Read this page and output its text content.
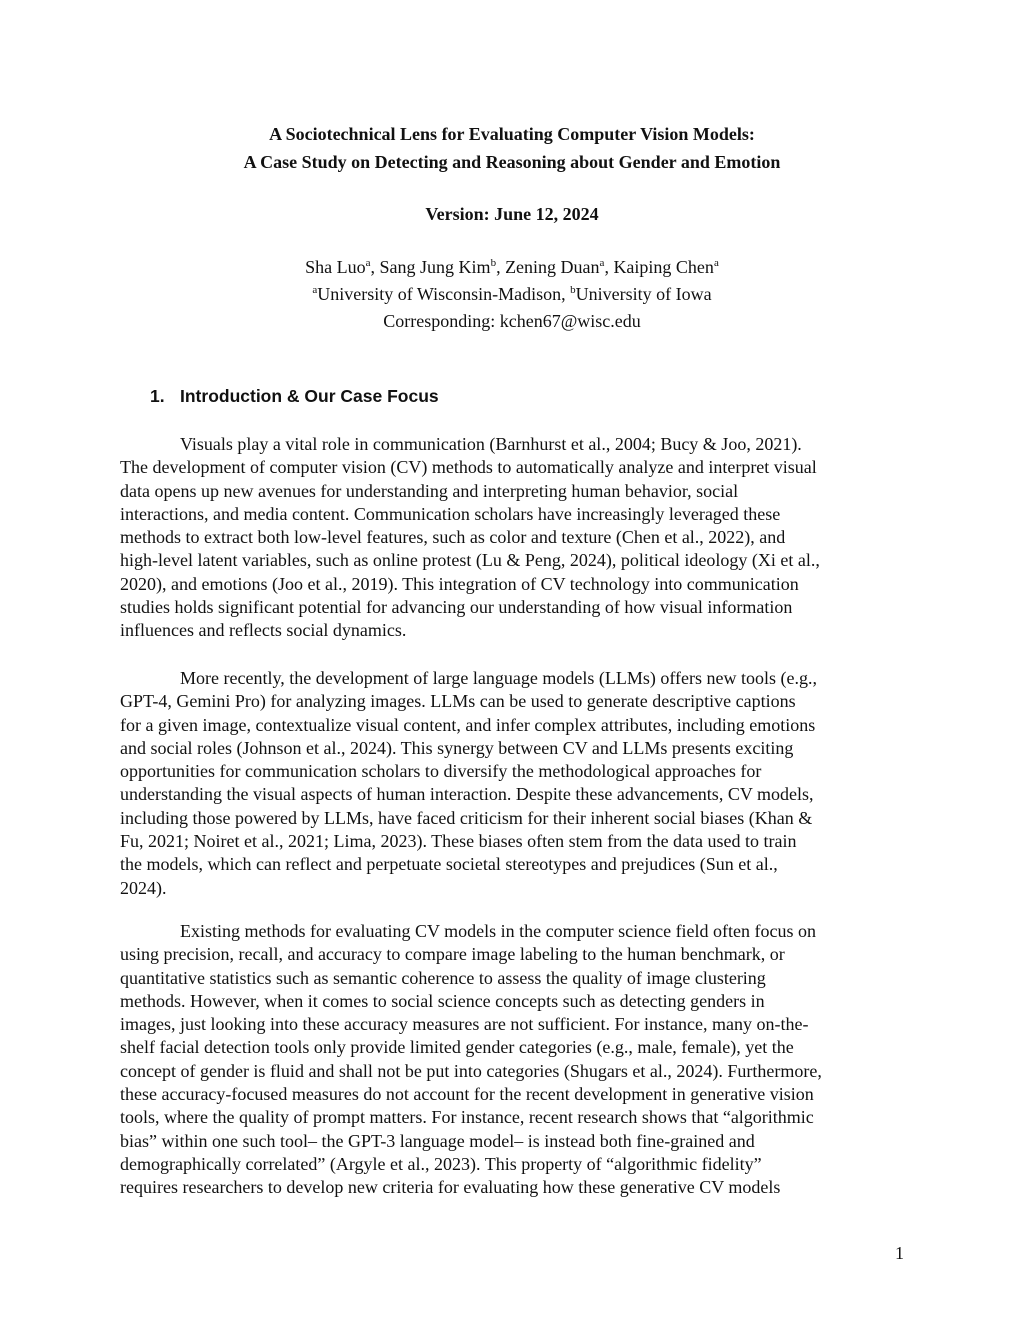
A Sociotechnical Lens for Evaluating Computer Vision Models:
A Case Study on Detecting and Reasoning about Gender and Emotion
Version: June 12, 2024
Sha Luo$^a$, Sang Jung Kim$^b$, Zening Duan$^a$, Kaiping Chen$^a$
$^a$University of Wisconsin-Madison, $^b$University of Iowa
Corresponding: kchen67@wisc.edu
1. Introduction & Our Case Focus
Visuals play a vital role in communication (Barnhurst et al., 2004; Bucy & Joo, 2021).
The development of computer vision (CV) methods to automatically analyze and interpret visual
data opens up new avenues for understanding and interpreting human behavior, social
interactions, and media content. Communication scholars have increasingly leveraged these
methods to extract both low-level features, such as color and texture (Chen et al., 2022), and
high-level latent variables, such as online protest (Lu & Peng, 2024), political ideology (Xi et al.,
2020), and emotions (Joo et al., 2019). This integration of CV technology into communication
studies holds significant potential for advancing our understanding of how visual information
influences and reflects social dynamics.
More recently, the development of large language models (LLMs) offers new tools (e.g.,
GPT-4, Gemini Pro) for analyzing images. LLMs can be used to generate descriptive captions
for a given image, contextualize visual content, and infer complex attributes, including emotions
and social roles (Johnson et al., 2024). This synergy between CV and LLMs presents exciting
opportunities for communication scholars to diversify the methodological approaches for
understanding the visual aspects of human interaction. Despite these advancements, CV models,
including those powered by LLMs, have faced criticism for their inherent social biases (Khan &
Fu, 2021; Noiret et al., 2021; Lima, 2023). These biases often stem from the data used to train
the models, which can reflect and perpetuate societal stereotypes and prejudices (Sun et al.,
2024).
Existing methods for evaluating CV models in the computer science field often focus on
using precision, recall, and accuracy to compare image labeling to the human benchmark, or
quantitative statistics such as semantic coherence to assess the quality of image clustering
methods. However, when it comes to social science concepts such as detecting genders in
images, just looking into these accuracy measures are not sufficient. For instance, many on-the-
shelf facial detection tools only provide limited gender categories (e.g., male, female), yet the
concept of gender is fluid and shall not be put into categories (Shugars et al., 2024). Furthermore,
these accuracy-focused measures do not account for the recent development in generative vision
tools, where the quality of prompt matters. For instance, recent research shows that “algorithmic
bias” within one such tool– the GPT-3 language model– is instead both fine-grained and
demographically correlated” (Argyle et al., 2023). This property of “algorithmic fidelity”
requires researchers to develop new criteria for evaluating how these generative CV models
1
